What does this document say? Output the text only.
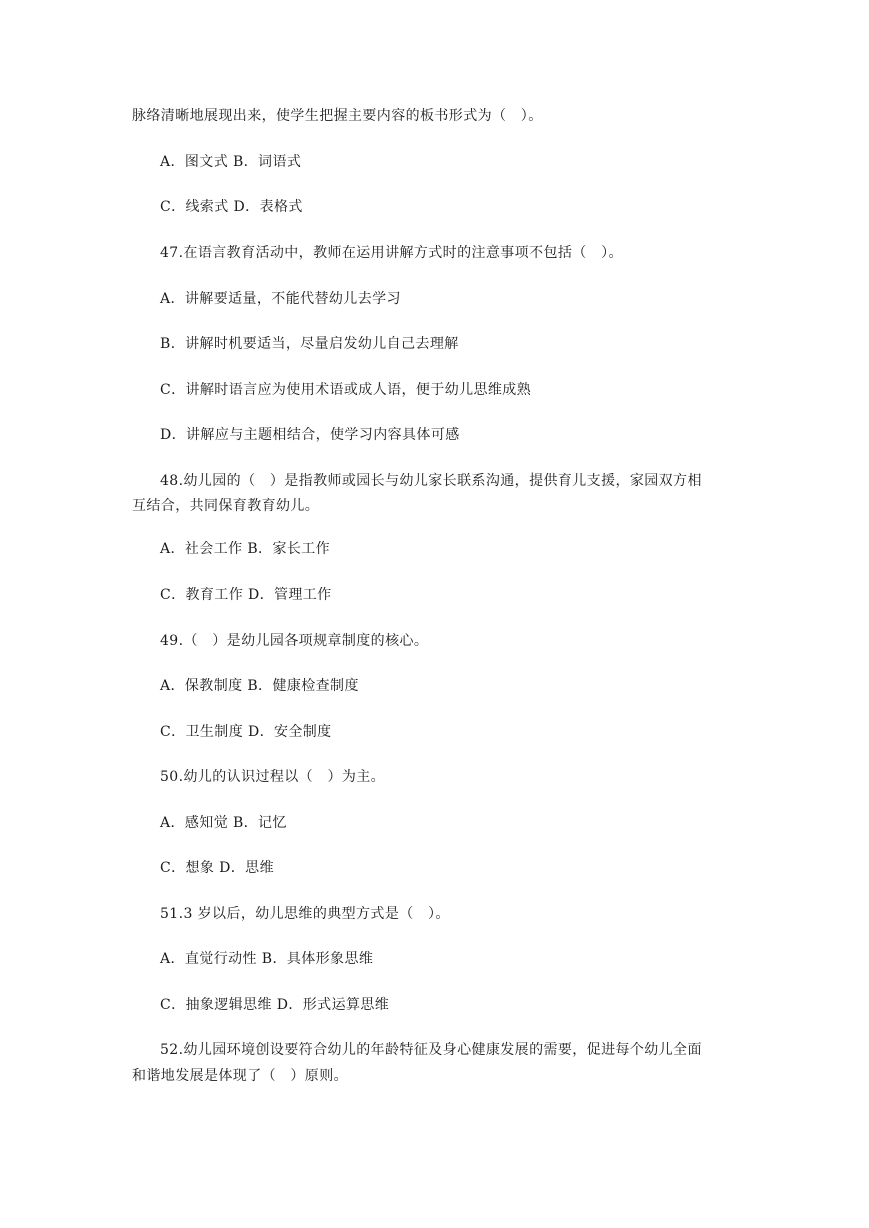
脉络清晰地展现出来，使学生把握主要内容的板书形式为（　）。
A．图文式 B．词语式
C．线索式 D．表格式
47.在语言教育活动中，教师在运用讲解方式时的注意事项不包括（　）。
A．讲解要适量，不能代替幼儿去学习
B．讲解时机要适当，尽量启发幼儿自己去理解
C．讲解时语言应为使用术语或成人语，便于幼儿思维成熟
D．讲解应与主题相结合，使学习内容具体可感
48.幼儿园的（　）是指教师或园长与幼儿家长联系沟通，提供育儿支援，家园双方相
互结合，共同保育教育幼儿。
A．社会工作 B．家长工作
C．教育工作 D．管理工作
49.（　）是幼儿园各项规章制度的核心。
A．保教制度 B．健康检查制度
C．卫生制度 D．安全制度
50.幼儿的认识过程以（　）为主。
A．感知觉 B．记忆
C．想象 D．思维
51.3 岁以后，幼儿思维的典型方式是（　）。
A．直觉行动性 B．具体形象思维
C．抽象逻辑思维 D．形式运算思维
52.幼儿园环境创设要符合幼儿的年龄特征及身心健康发展的需要，促进每个幼儿全面
和谐地发展是体现了（　）原则。
